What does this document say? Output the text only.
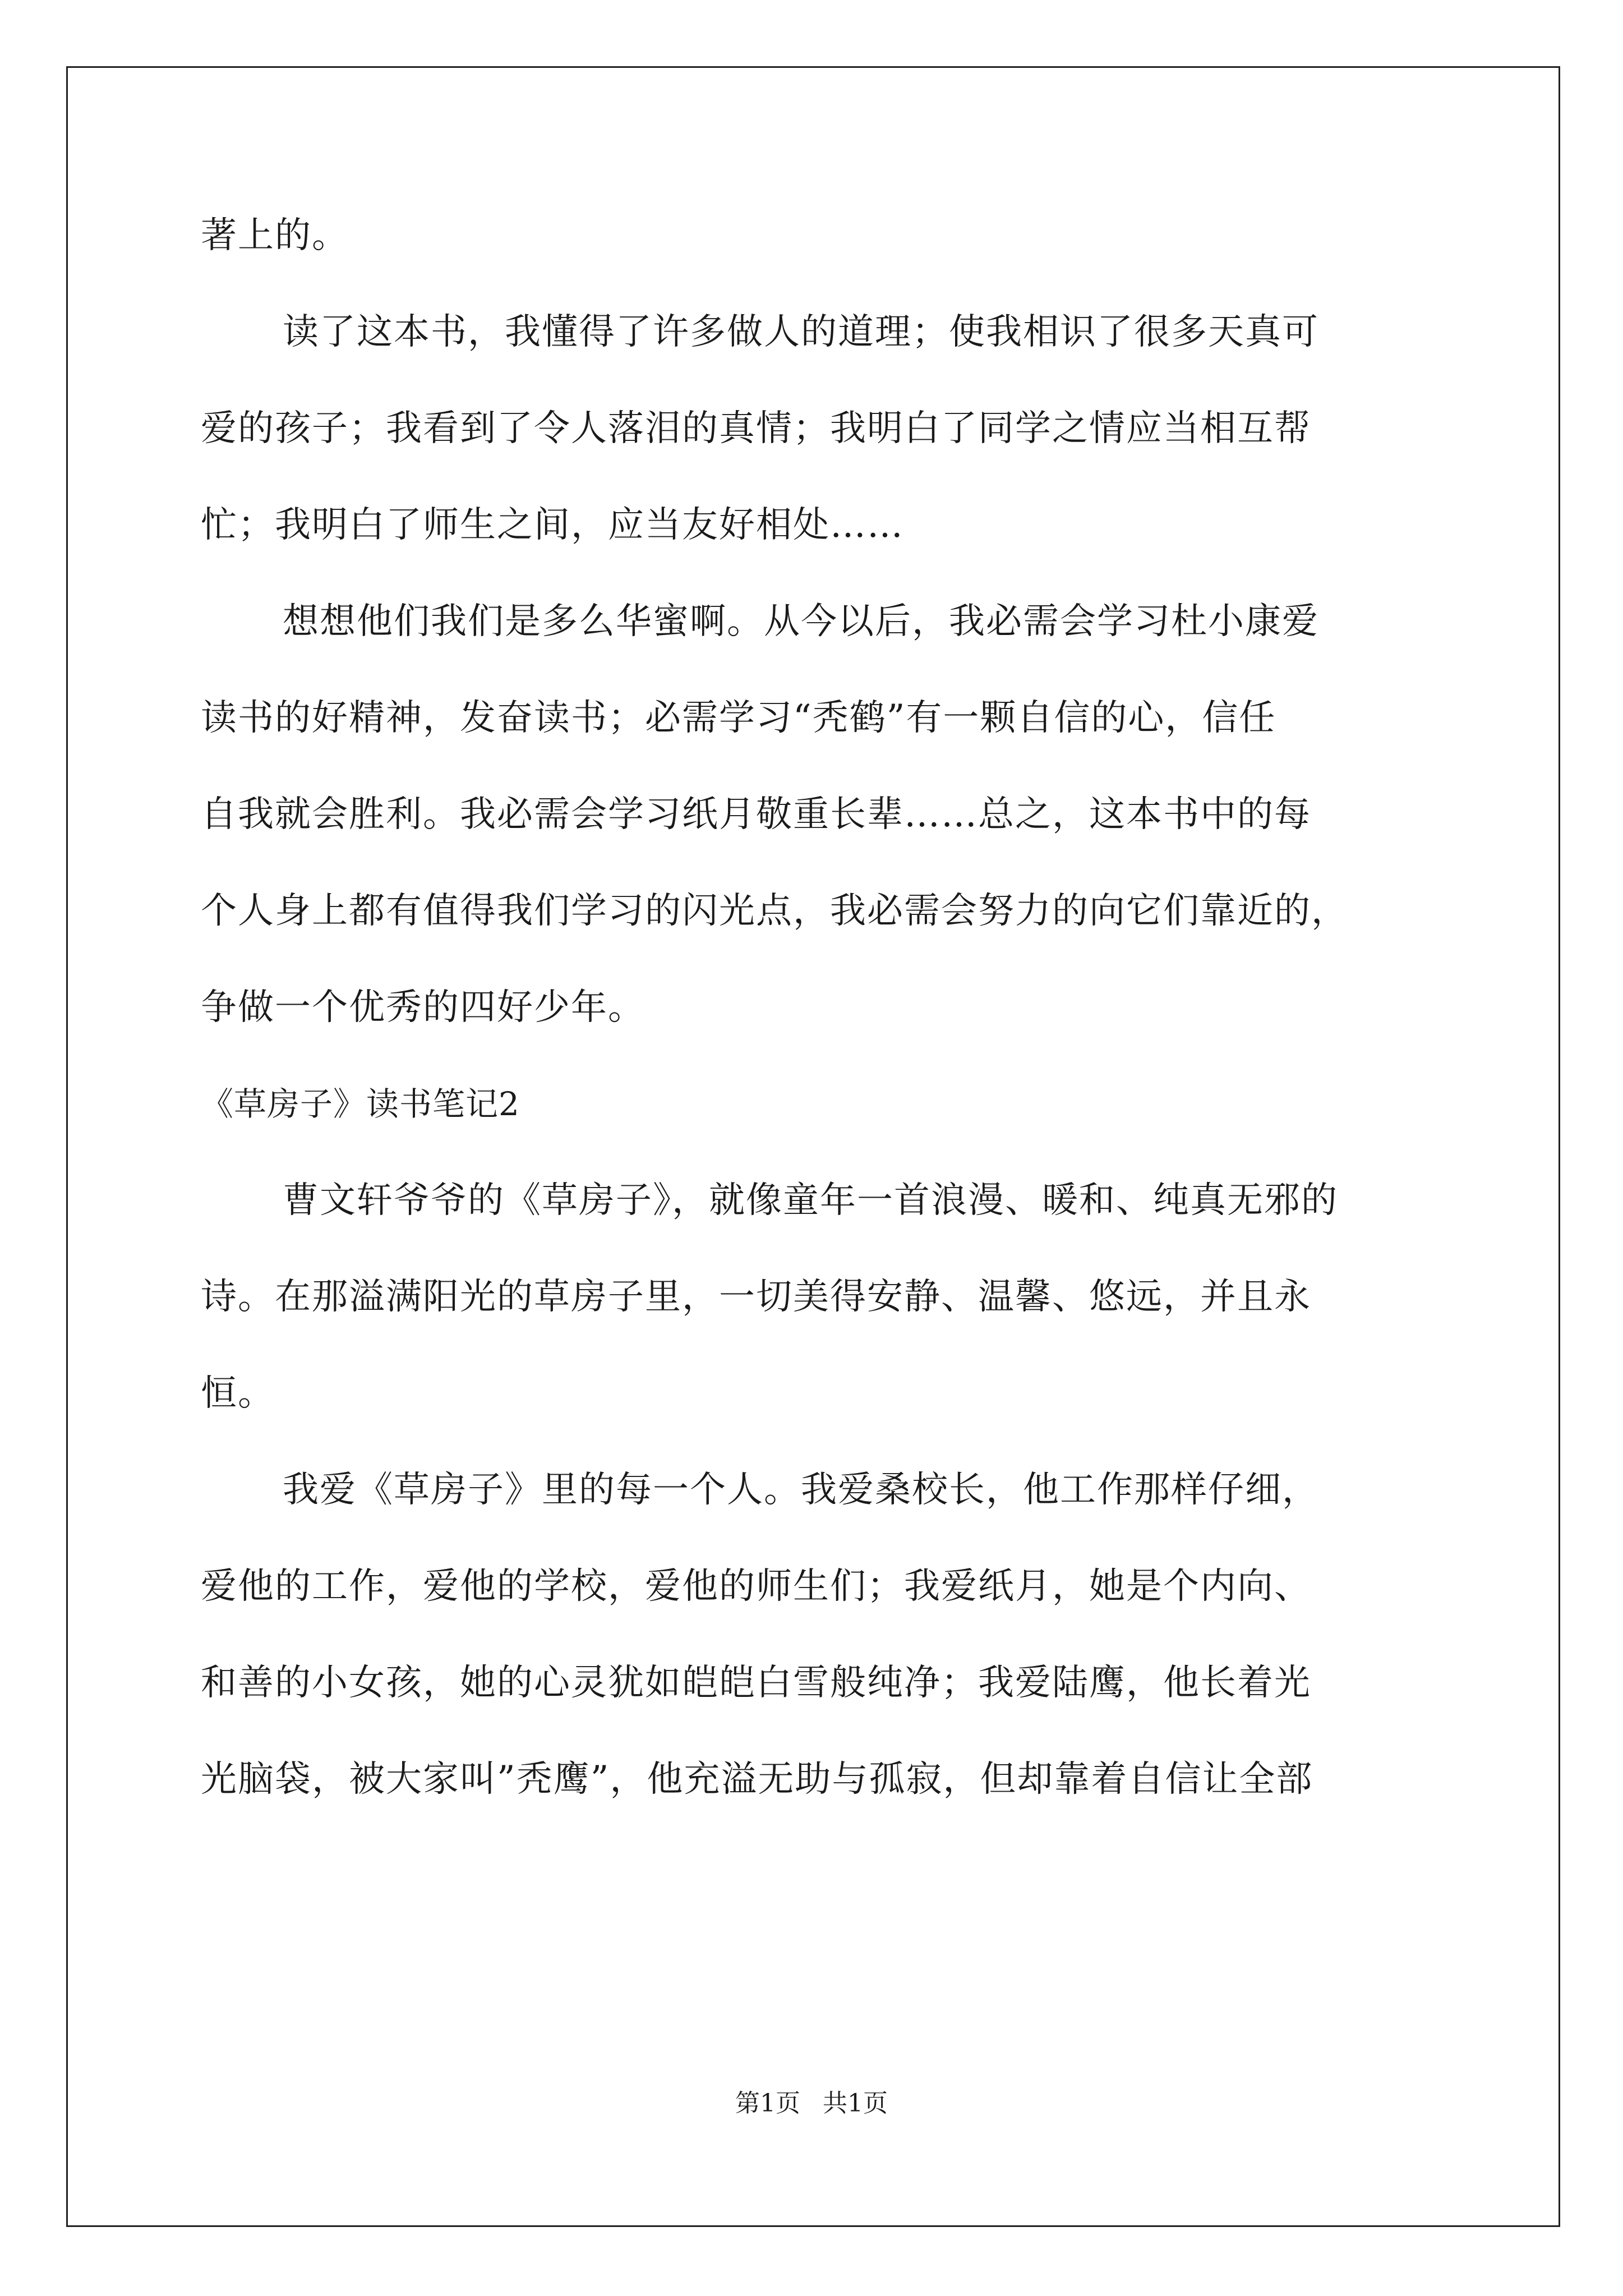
著上的。
读了这本书，我懂得了许多做人的道理；使我相识了很多天真可
爱的孩子；我看到了令人落泪的真情；我明白了同学之情应当相互帮
忙；我明白了师生之间，应当友好相处……
想想他们我们是多么华蜜啊。从今以后，我必需会学习杜小康爱
读书的好精神，发奋读书；必需学习“秃鹤”有一颗自信的心，信任
自我就会胜利。我必需会学习纸月敬重长辈……总之，这本书中的每
个人身上都有值得我们学习的闪光点，我必需会努力的向它们靠近的，
争做一个优秀的四好少年。
《草房子》读书笔记2
曹文轩爷爷的《草房子》，就像童年一首浪漫、暖和、纯真无邪的
诗。在那溢满阳光的草房子里，一切美得安静、温馨、悠远，并且永
恒。
我爱《草房子》里的每一个人。我爱桑校长，他工作那样仔细，
爱他的工作，爱他的学校，爱他的师生们；我爱纸月，她是个内向、
和善的小女孩，她的心灵犹如皑皑白雪般纯净；我爱陆鹰，他长着光
光脑袋，被大家叫”秃鹰”，他充溢无助与孤寂，但却靠着自信让全部
第1页 共1页
